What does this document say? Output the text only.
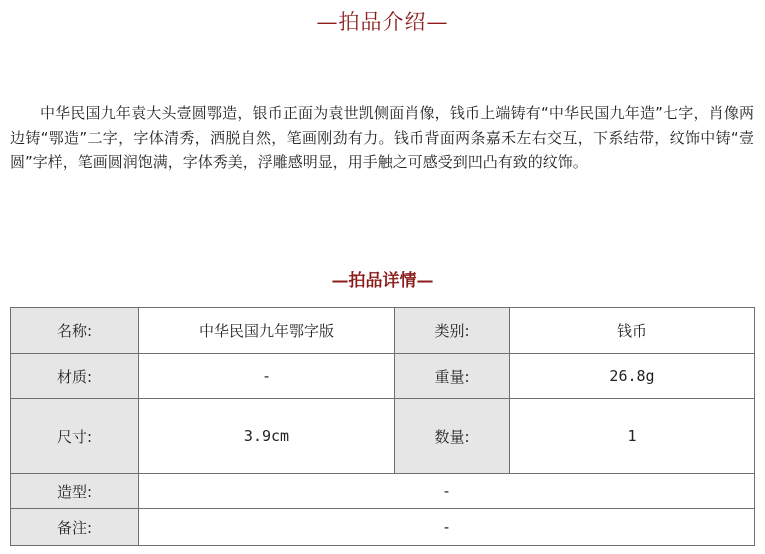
—拍品介绍—
中华民国九年袁大头壹圆鄂造，银币正面为袁世凯侧面肖像，钱币上端铸有“中华民国九年造”七字，肖像两边铸“鄂造”二字，字体清秀，洒脱自然，笔画刚劲有力。钱币背面两条嘉禾左右交互，下系结带，纹饰中铸“壹圆”字样，笔画圆润饱满，字体秀美，浮雕感明显，用手触之可感受到凹凸有致的纹饰。
—拍品详情—
名称:	中华民国九年鄂字版	类别:	钱币
材质:	-	重量:	26.8g
尺寸:	3.9cm	数量:	1
造型:	-		
备注:	-		
